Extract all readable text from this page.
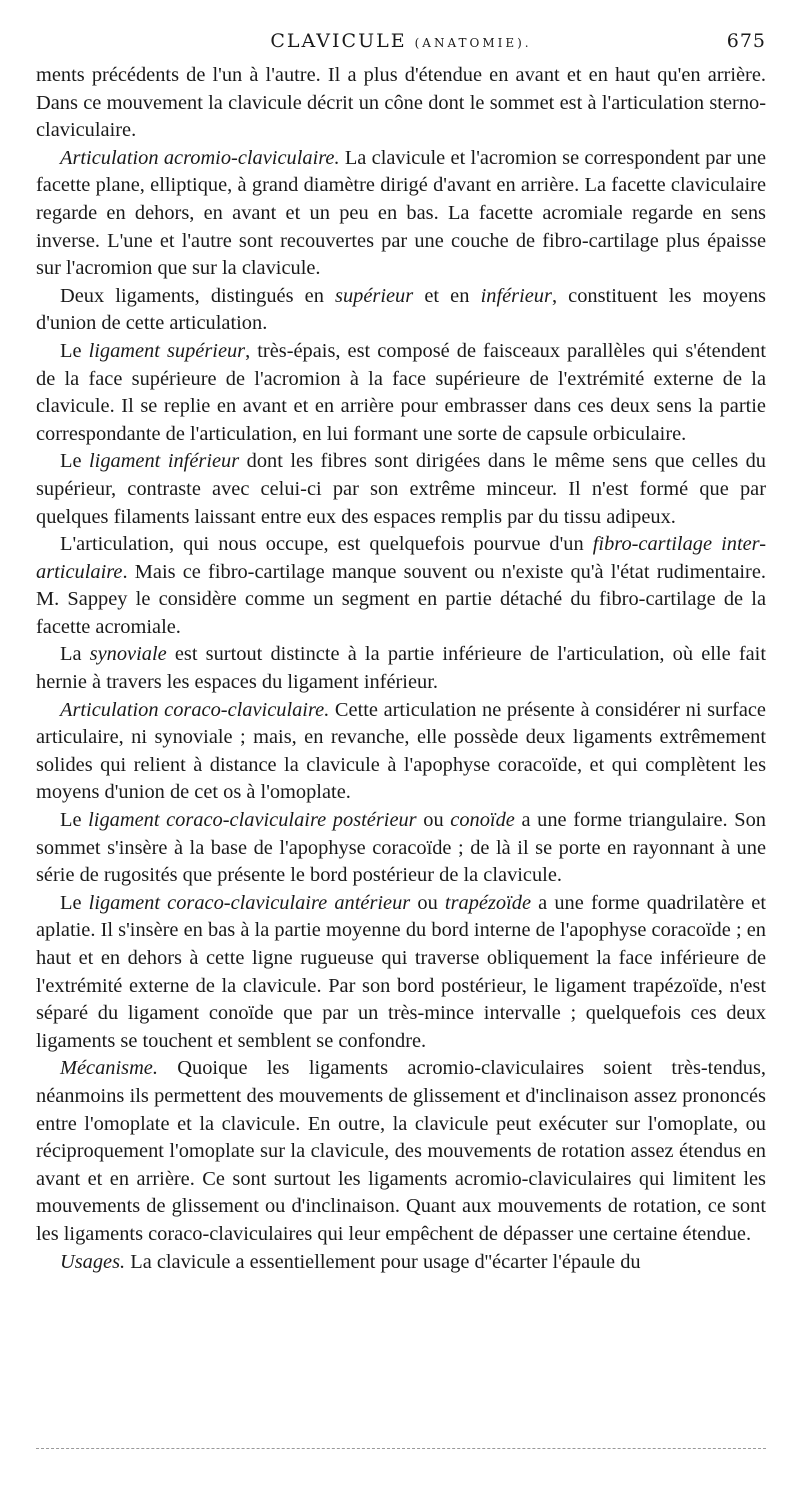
CLAVICULE (ANATOMIE).	675

ments précédents de l'un à l'autre. Il a plus d'étendue en avant et en haut qu'en arrière. Dans ce mouvement la clavicule décrit un cône dont le sommet est à l'articulation sterno-claviculaire.

Articulation acromio-claviculaire. La clavicule et l'acromion se correspondent par une facette plane, elliptique, à grand diamètre dirigé d'avant en arrière. La facette claviculaire regarde en dehors, en avant et un peu en bas. La facette acromiale regarde en sens inverse. L'une et l'autre sont recouvertes par une couche de fibro-cartilage plus épaisse sur l'acromion que sur la clavicule.

Deux ligaments, distingués en supérieur et en inférieur, constituent les moyens d'union de cette articulation.

Le ligament supérieur, très-épais, est composé de faisceaux parallèles qui s'étendent de la face supérieure de l'acromion à la face supérieure de l'extrémité externe de la clavicule. Il se replie en avant et en arrière pour embrasser dans ces deux sens la partie correspondante de l'articulation, en lui formant une sorte de capsule orbiculaire.

Le ligament inférieur dont les fibres sont dirigées dans le même sens que celles du supérieur, contraste avec celui-ci par son extrême minceur. Il n'est formé que par quelques filaments laissant entre eux des espaces remplis par du tissu adipeux.

L'articulation, qui nous occupe, est quelquefois pourvue d'un fibro-cartilage inter-articulaire. Mais ce fibro-cartilage manque souvent ou n'existe qu'à l'état rudimentaire. M. Sappey le considère comme un segment en partie détaché du fibro-cartilage de la facette acromiale.

La synoviale est surtout distincte à la partie inférieure de l'articulation, où elle fait hernie à travers les espaces du ligament inférieur.

Articulation coraco-claviculaire. Cette articulation ne présente à considérer ni surface articulaire, ni synoviale ; mais, en revanche, elle possède deux ligaments extrêmement solides qui relient à distance la clavicule à l'apophyse coracoïde, et qui complètent les moyens d'union de cet os à l'omoplate.

Le ligament coraco-claviculaire postérieur ou conoïde a une forme triangulaire. Son sommet s'insère à la base de l'apophyse coracoïde ; de là il se porte en rayonnant à une série de rugosités que présente le bord postérieur de la clavicule.

Le ligament coraco-claviculaire antérieur ou trapézoïde a une forme quadrilatère et aplatie. Il s'insère en bas à la partie moyenne du bord interne de l'apophyse coracoïde ; en haut et en dehors à cette ligne rugueuse qui traverse obliquement la face inférieure de l'extrémité externe de la clavicule. Par son bord postérieur, le ligament trapézoïde, n'est séparé du ligament conoïde que par un très-mince intervalle ; quelquefois ces deux ligaments se touchent et semblent se confondre.

Mécanisme. Quoique les ligaments acromio-claviculaires soient très-tendus, néanmoins ils permettent des mouvements de glissement et d'inclinaison assez prononcés entre l'omoplate et la clavicule. En outre, la clavicule peut exécuter sur l'omoplate, ou réciproquement l'omoplate sur la clavicule, des mouvements de rotation assez étendus en avant et en arrière. Ce sont surtout les ligaments acromio-claviculaires qui limitent les mouvements de glissement ou d'inclinaison. Quant aux mouvements de rotation, ce sont les ligaments coraco-claviculaires qui leur empêchent de dépasser une certaine étendue.

Usages. La clavicule a essentiellement pour usage d''écarter l'épaule du
